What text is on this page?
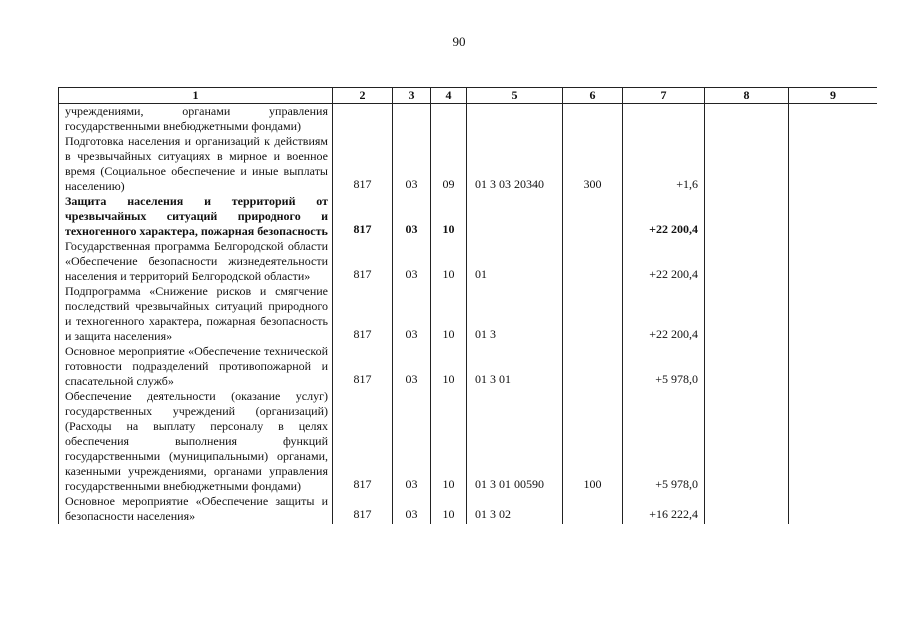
90
1	2	3	4	5	6	7	8	9
учреждениями, органами управления государственными внебюджетными фондами)								
Подготовка населения и организаций к действиям в чрезвычайных ситуациях в мирное и военное время (Социальное обеспечение и иные выплаты населению)	817	03	09	01 3 03 20340	300	+1,6		
Защита населения и территорий от чрезвычайных ситуаций природного и техногенного характера, пожарная безопасность	817	03	10			+22 200,4		
Государственная программа Белгородской области «Обеспечение безопасности жизнедеятельности населения и территорий Белгородской области»	817	03	10	01		+22 200,4		
Подпрограмма «Снижение рисков и смягчение последствий чрезвычайных ситуаций природного и техногенного характера, пожарная безопасность и защита населения»	817	03	10	01 3		+22 200,4		
Основное мероприятие «Обеспечение технической готовности подразделений противопожарной и спасательной служб»	817	03	10	01 3 01		+5 978,0		
Обеспечение деятельности (оказание услуг) государственных учреждений (организаций) (Расходы на выплату персоналу в целях обеспечения выполнения функций государственными (муниципальными) органами, казенными учреждениями, органами управления государственными внебюджетными фондами)	817	03	10	01 3 01 00590	100	+5 978,0		
Основное мероприятие «Обеспечение защиты и безопасности населения»	817	03	10	01 3 02		+16 222,4		
